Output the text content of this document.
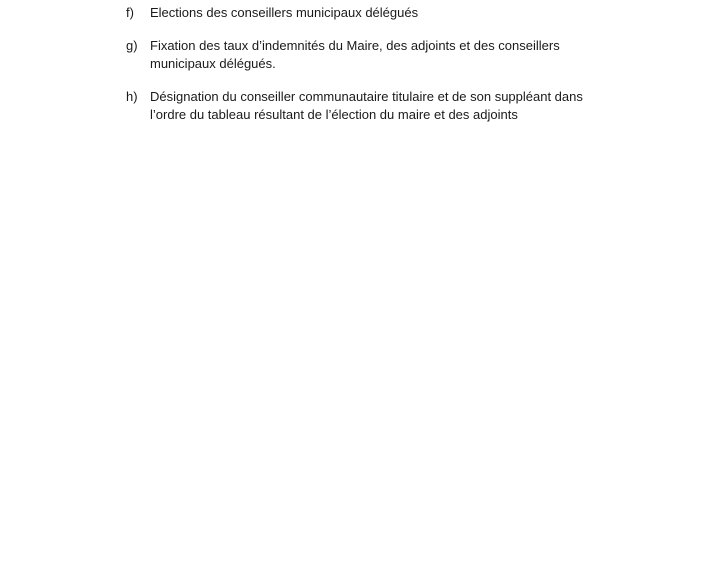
f)	Elections des conseillers municipaux délégués
g) Fixation des taux d’indemnités du Maire, des adjoints et des conseillers
municipaux délégués.
h) Désignation du conseiller communautaire titulaire et de son suppléant dans
l’ordre du tableau résultant de l’élection du maire et des adjoints
